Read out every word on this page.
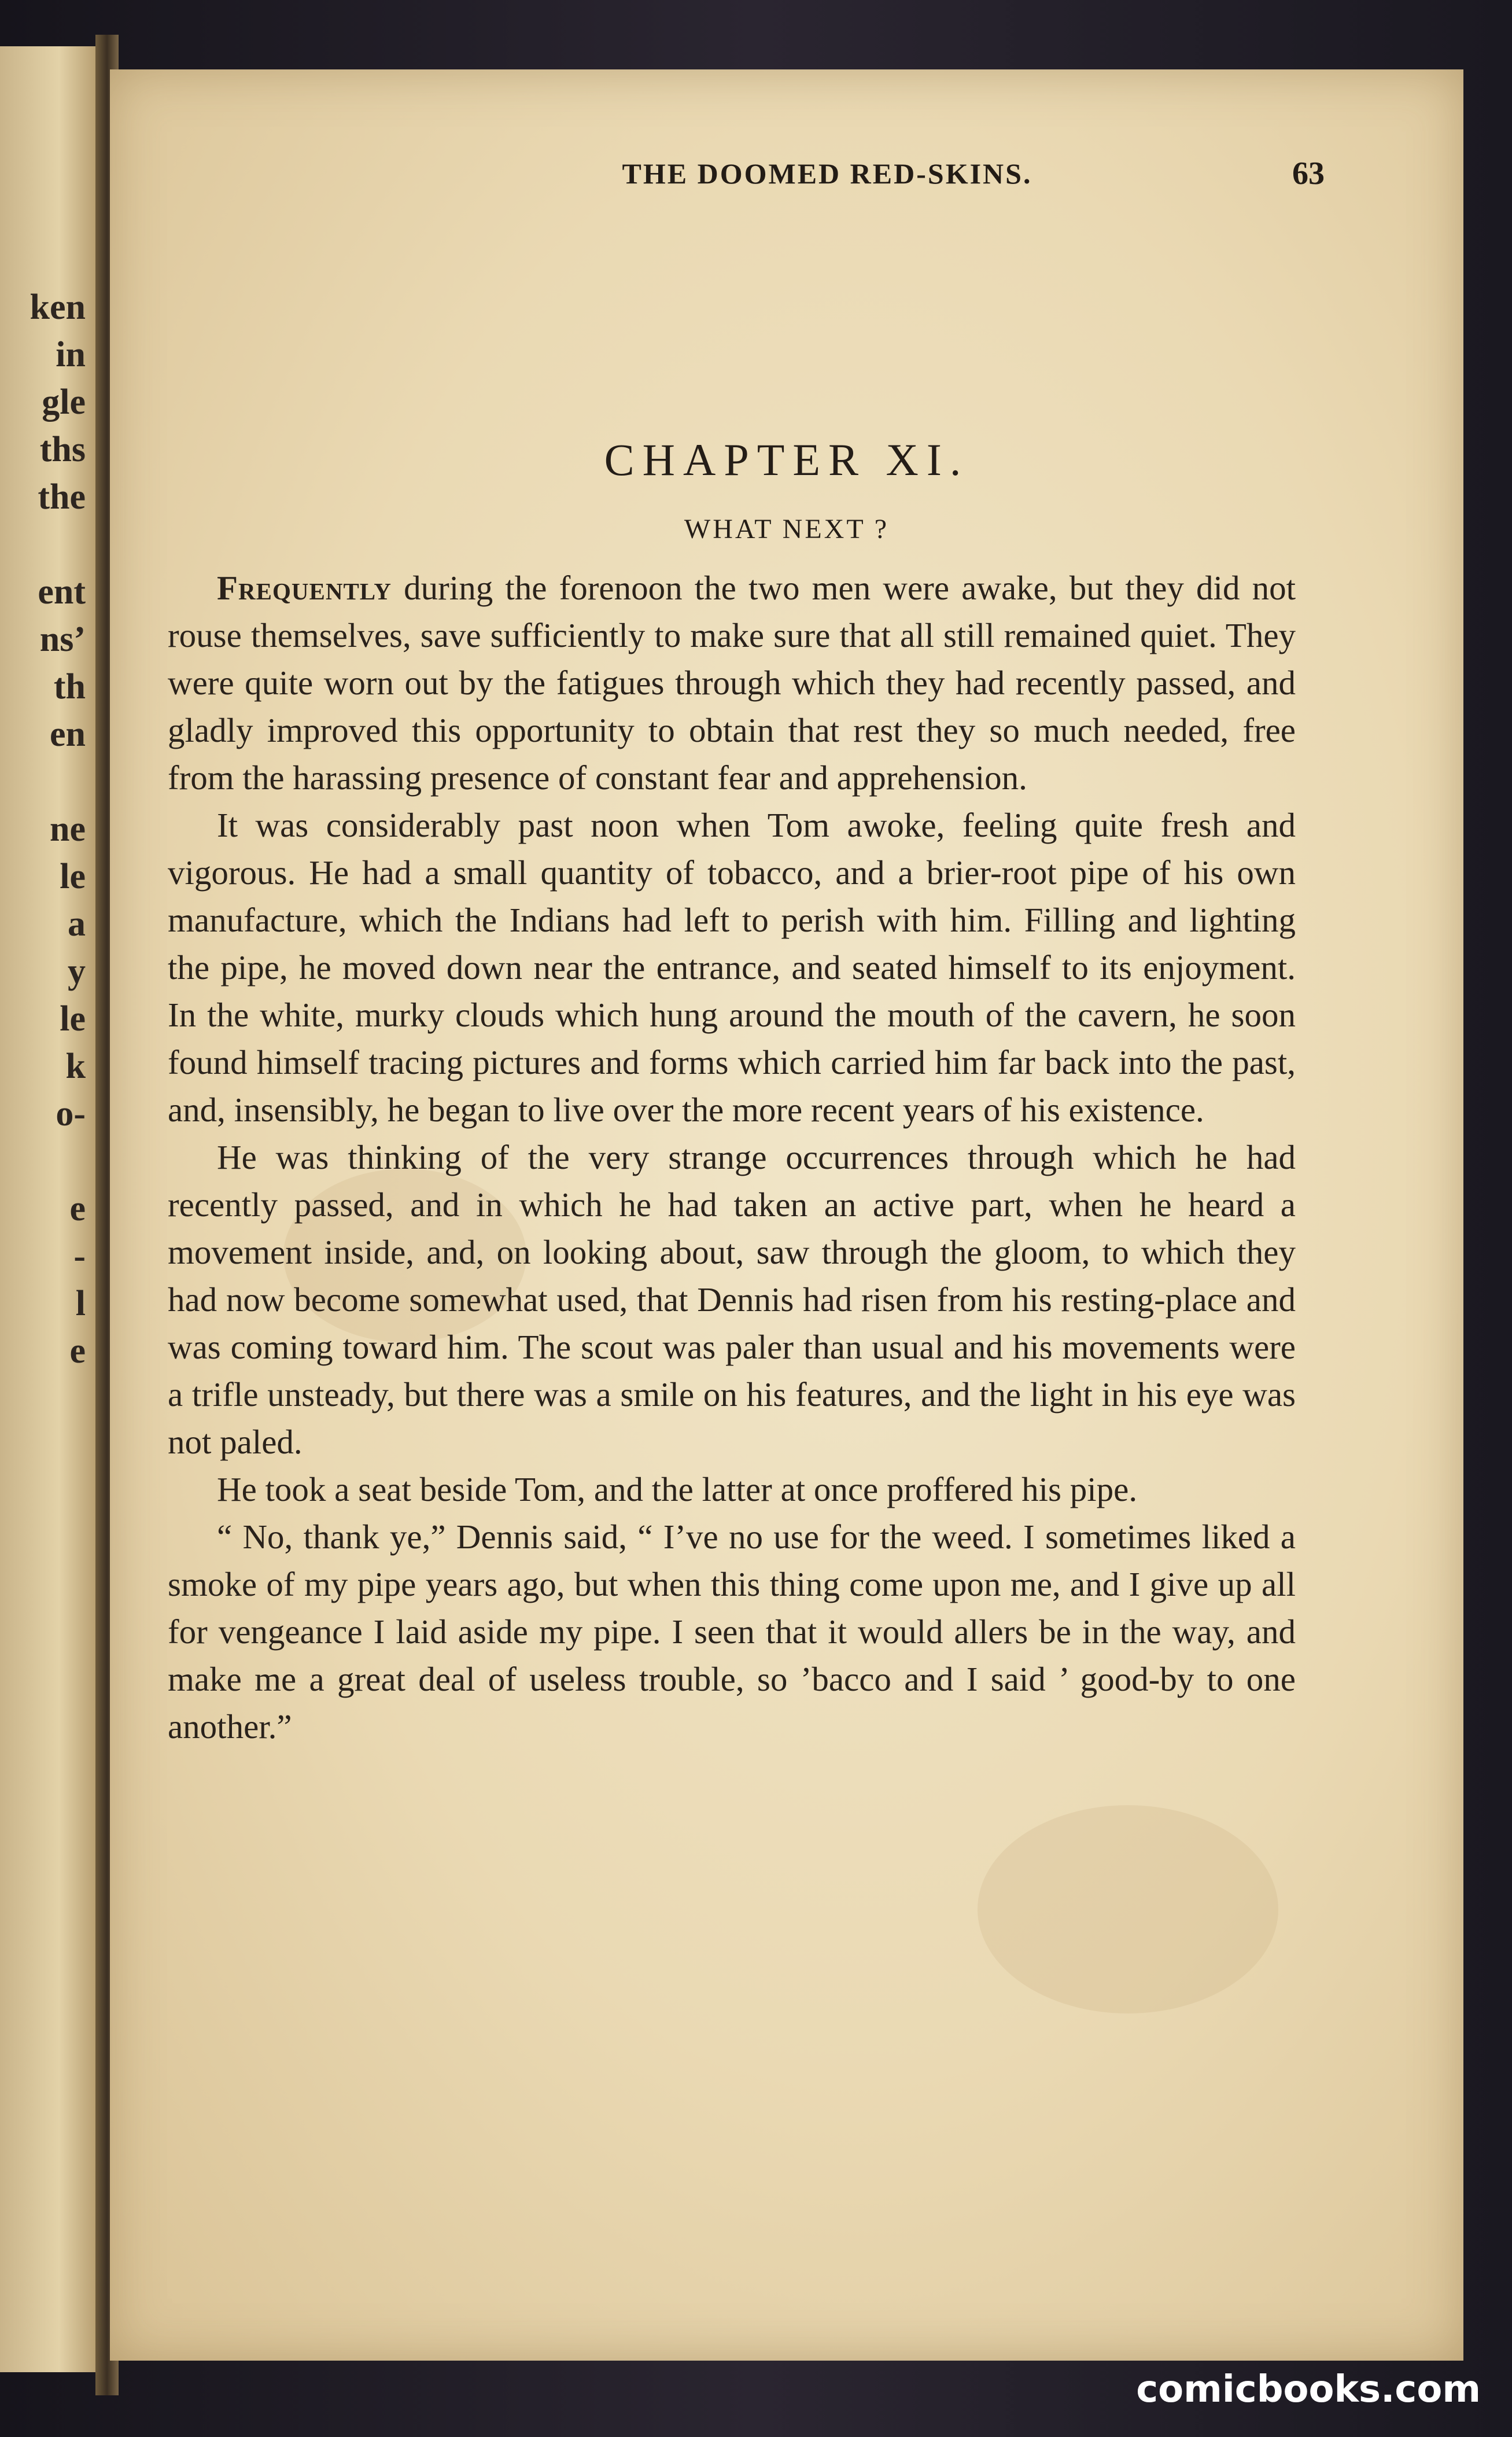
ken
in
gle
ths
the
ent
ns’
th
en
ne
le
a
y
le
k
o-
e
-
l
e
THE DOOMED RED-SKINS.	63
CHAPTER XI.
WHAT NEXT ?

Frequently during the forenoon the two men were awake, but they did not rouse themselves, save sufficiently to make sure that all still remained quiet. They were quite worn out by the fatigues through which they had recently passed, and gladly improved this opportunity to obtain that rest they so much needed, free from the harassing presence of constant fear and apprehension.

It was considerably past noon when Tom awoke, feeling quite fresh and vigorous. He had a small quantity of tobacco, and a brier-root pipe of his own manufacture, which the Indians had left to perish with him. Filling and lighting the pipe, he moved down near the entrance, and seated himself to its enjoyment. In the white, murky clouds which hung around the mouth of the cavern, he soon found himself tracing pictures and forms which carried him far back into the past, and, insensibly, he began to live over the more recent years of his existence.

He was thinking of the very strange occurrences through which he had recently passed, and in which he had taken an active part, when he heard a movement inside, and, on looking about, saw through the gloom, to which they had now become somewhat used, that Dennis had risen from his resting-place and was coming toward him. The scout was paler than usual and his movements were a trifle unsteady, but there was a smile on his features, and the light in his eye was not paled.

He took a seat beside Tom, and the latter at once proffered his pipe.

“ No, thank ye,” Dennis said, “ I’ve no use for the weed. I sometimes liked a smoke of my pipe years ago, but when this thing come upon me, and I give up all for vengeance I laid aside my pipe. I seen that it would allers be in the way, and make me a great deal of useless trouble, so ’bacco and I said ’ good-by to one another.”

comicbooks.com
